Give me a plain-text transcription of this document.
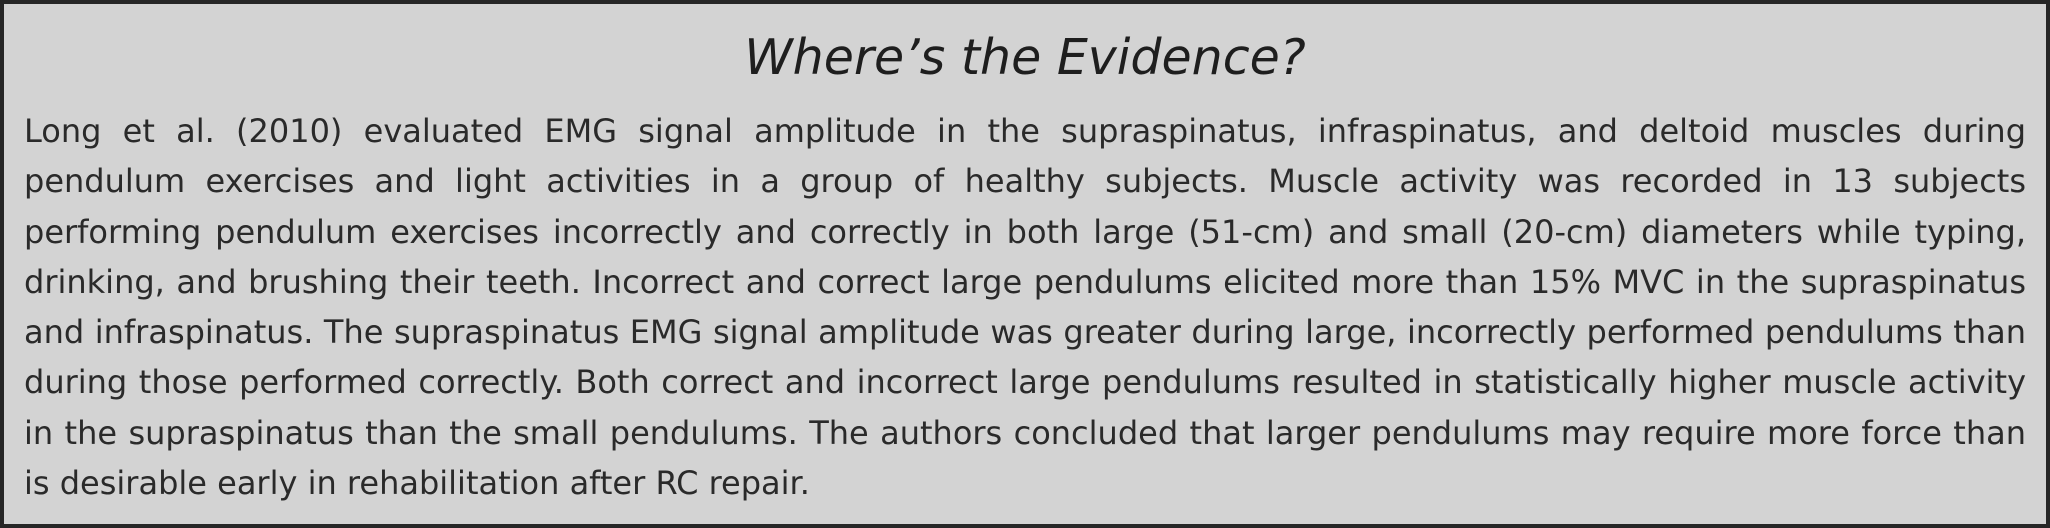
Where’s the Evidence?

Long et al. (2010) evaluated EMG signal amplitude in the supraspinatus, infraspinatus, and deltoid muscles during pendulum exercises and light activities in a group of healthy subjects. Muscle activity was recorded in 13 subjects performing pendulum exercises incorrectly and correctly in both large (51-cm) and small (20-cm) diameters while typing, drinking, and brushing their teeth. Incorrect and correct large pendulums elicited more than 15% MVC in the supraspinatus and infraspinatus. The supraspinatus EMG signal amplitude was greater during large, incorrectly performed pendulums than during those performed correctly. Both correct and incorrect large pendulums resulted in statistically higher muscle activity in the supraspinatus than the small pendulums. The authors concluded that larger pendulums may require more force than is desirable early in rehabilitation after RC repair.
